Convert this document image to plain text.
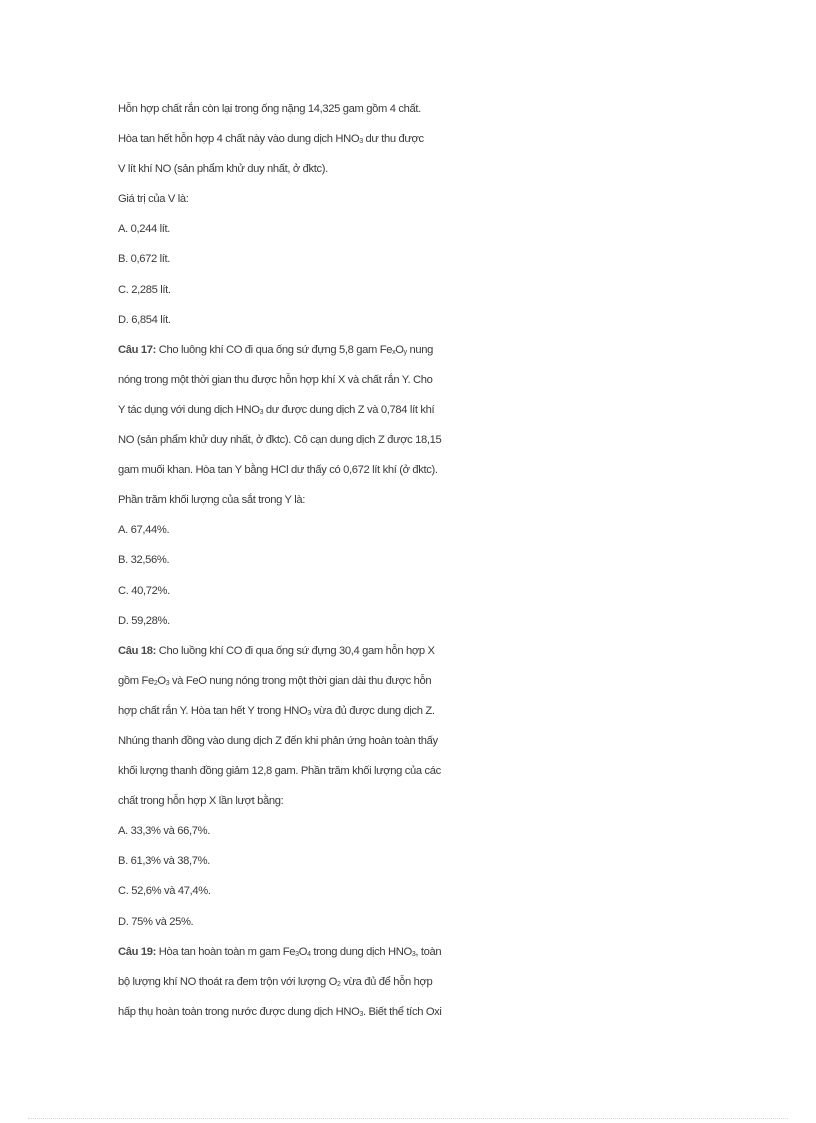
Hỗn hợp chất rắn còn lại trong ống nặng 14,325 gam gồm 4 chất.
Hòa tan hết hỗn hợp 4 chất này vào dung dịch $HNO_3$ dư thu được
V lít khí NO (sản phẩm khử duy nhất, ở đktc).
Giá trị của V là:
A. 0,244 lít.
B. 0,672 lít.
C. 2,285 lít.
D. 6,854 lít.
Câu 17: Cho luông khí CO đi qua ống sứ đựng 5,8 gam $Fe_xO_y$ nung
nóng trong một thời gian thu được hỗn hợp khí X và chất rắn Y. Cho
Y tác dụng với dung dịch $HNO_3$ dư được dung dịch Z và 0,784 lít khí
NO (sản phẩm khử duy nhất, ở đktc). Cô cạn dung dịch Z được 18,15
gam muối khan. Hòa tan Y bằng HCl dư thấy có 0,672 lít khí (ở đktc).
Phần trăm khối lượng của sắt trong Y là:
A. 67,44%.
B. 32,56%.
C. 40,72%.
D. 59,28%.
Câu 18: Cho luồng khí CO đi qua ống sứ đựng 30,4 gam hỗn hợp X
gồm $Fe_2O_3$ và FeO nung nóng trong một thời gian dài thu được hỗn
hợp chất rắn Y. Hòa tan hết Y trong $HNO_3$ vừa đủ được dung dịch Z.
Nhúng thanh đồng vào dung dịch Z đến khi phản ứng hoàn toàn thấy
khối lượng thanh đồng giảm 12,8 gam. Phần trăm khối lượng của các
chất trong hỗn hợp X lần lượt bằng:
A. 33,3% và 66,7%.
B. 61,3% và 38,7%.
C. 52,6% và 47,4%.
D. 75% và 25%.
Câu 19: Hòa tan hoàn toàn m gam $Fe_3O_4$ trong dung dịch $HNO_3$, toàn
bộ lượng khí NO thoát ra đem trộn với lượng $O_2$ vừa đủ để hỗn hợp
hấp thụ hoàn toàn trong nước được dung dịch $HNO_3$. Biết thể tích Oxi
